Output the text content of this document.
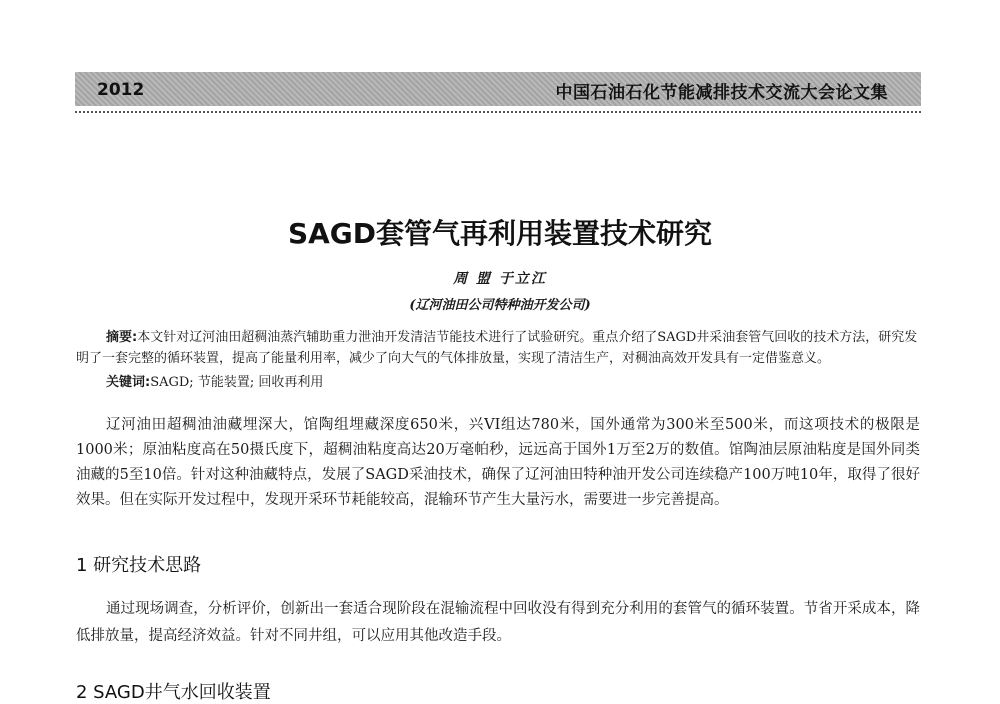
2012	中国石油石化节能减排技术交流大会论文集
SAGD套管气再利用装置技术研究
周 盟 于立江
(辽河油田公司特种油开发公司)
摘要:本文针对辽河油田超稠油蒸汽辅助重力泄油开发清洁节能技术进行了试验研究。重点介绍了SAGD井采油套管气回收的技术方法，研究发明了一套完整的循环装置，提高了能量利用率，减少了向大气的气体排放量，实现了清洁生产，对稠油高效开发具有一定借鉴意义。
关键词:SAGD; 节能装置; 回收再利用
辽河油田超稠油油藏埋深大，馆陶组埋藏深度650米，兴VI组达780米，国外通常为300米至500米，而这项技术的极限是1000米；原油粘度高在50摄氏度下，超稠油粘度高达20万毫帕秒，远远高于国外1万至2万的数值。馆陶油层原油粘度是国外同类油藏的5至10倍。针对这种油藏特点，发展了SAGD采油技术，确保了辽河油田特种油开发公司连续稳产100万吨10年，取得了很好效果。但在实际开发过程中，发现开采环节耗能较高，混输环节产生大量污水，需要进一步完善提高。
1 研究技术思路
通过现场调查，分析评价，创新出一套适合现阶段在混输流程中回收没有得到充分利用的套管气的循环装置。节省开采成本，降低排放量，提高经济效益。针对不同井组，可以应用其他改造手段。
2 SAGD井气水回收装置
